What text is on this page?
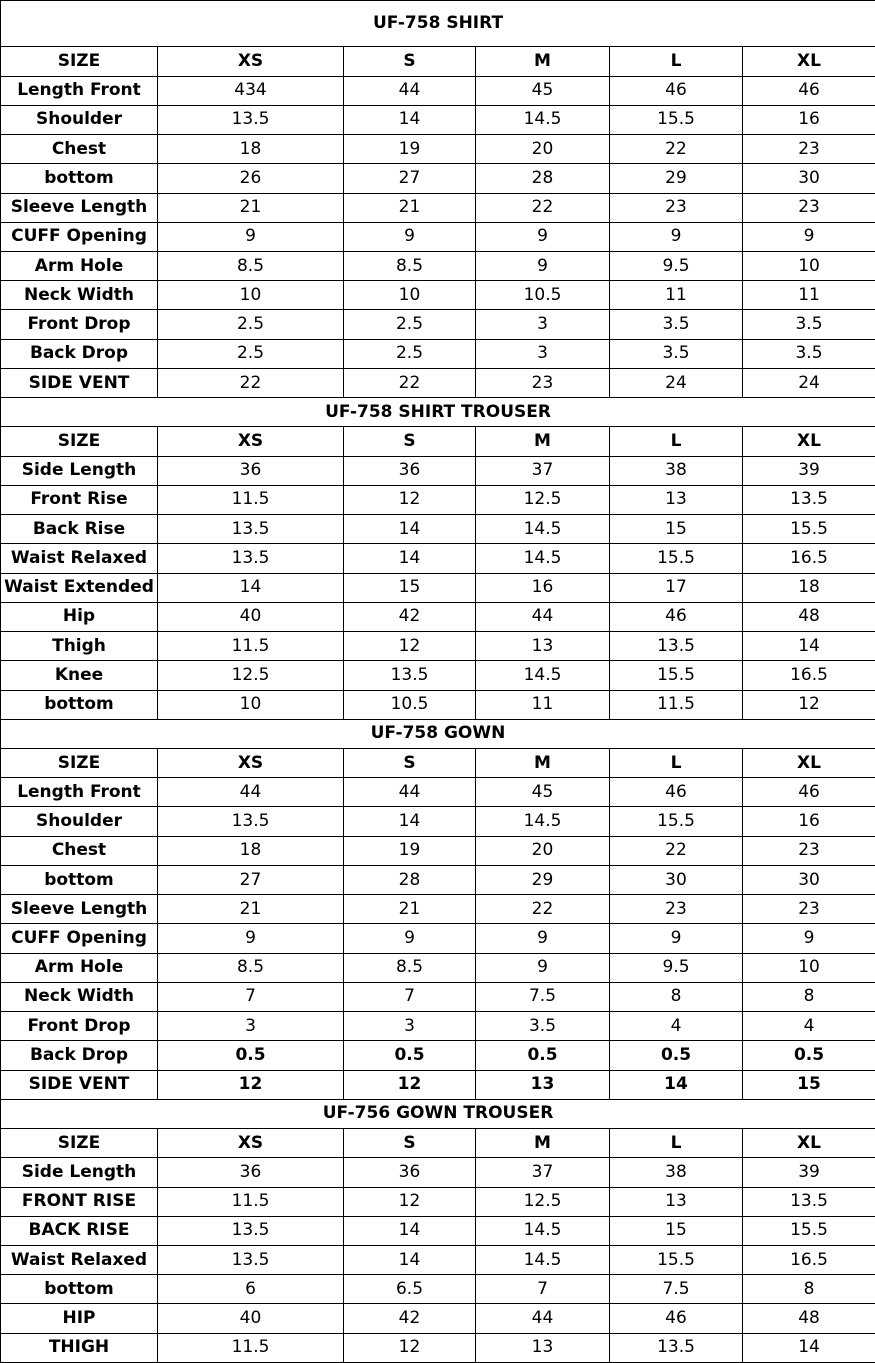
UF-758 SHIRT					
SIZE	XS	S	M	L	XL
Length Front	434	44	45	46	46
Shoulder	13.5	14	14.5	15.5	16
Chest	18	19	20	22	23
bottom	26	27	28	29	30
Sleeve Length	21	21	22	23	23
CUFF Opening	9	9	9	9	9
Arm Hole	8.5	8.5	9	9.5	10
Neck Width	10	10	10.5	11	11
Front Drop	2.5	2.5	3	3.5	3.5
Back Drop	2.5	2.5	3	3.5	3.5
SIDE VENT	22	22	23	24	24
UF-758 SHIRT TROUSER					
SIZE	XS	S	M	L	XL
Side Length	36	36	37	38	39
Front Rise	11.5	12	12.5	13	13.5
Back Rise	13.5	14	14.5	15	15.5
Waist Relaxed	13.5	14	14.5	15.5	16.5
Waist Extended	14	15	16	17	18
Hip	40	42	44	46	48
Thigh	11.5	12	13	13.5	14
Knee	12.5	13.5	14.5	15.5	16.5
bottom	10	10.5	11	11.5	12
UF-758 GOWN					
SIZE	XS	S	M	L	XL
Length Front	44	44	45	46	46
Shoulder	13.5	14	14.5	15.5	16
Chest	18	19	20	22	23
bottom	27	28	29	30	30
Sleeve Length	21	21	22	23	23
CUFF Opening	9	9	9	9	9
Arm Hole	8.5	8.5	9	9.5	10
Neck Width	7	7	7.5	8	8
Front Drop	3	3	3.5	4	4
Back Drop	0.5	0.5	0.5	0.5	0.5
SIDE VENT	12	12	13	14	15
UF-756 GOWN TROUSER					
SIZE	XS	S	M	L	XL
Side Length	36	36	37	38	39
FRONT RISE	11.5	12	12.5	13	13.5
BACK RISE	13.5	14	14.5	15	15.5
Waist Relaxed	13.5	14	14.5	15.5	16.5
bottom	6	6.5	7	7.5	8
HIP	40	42	44	46	48
THIGH	11.5	12	13	13.5	14
